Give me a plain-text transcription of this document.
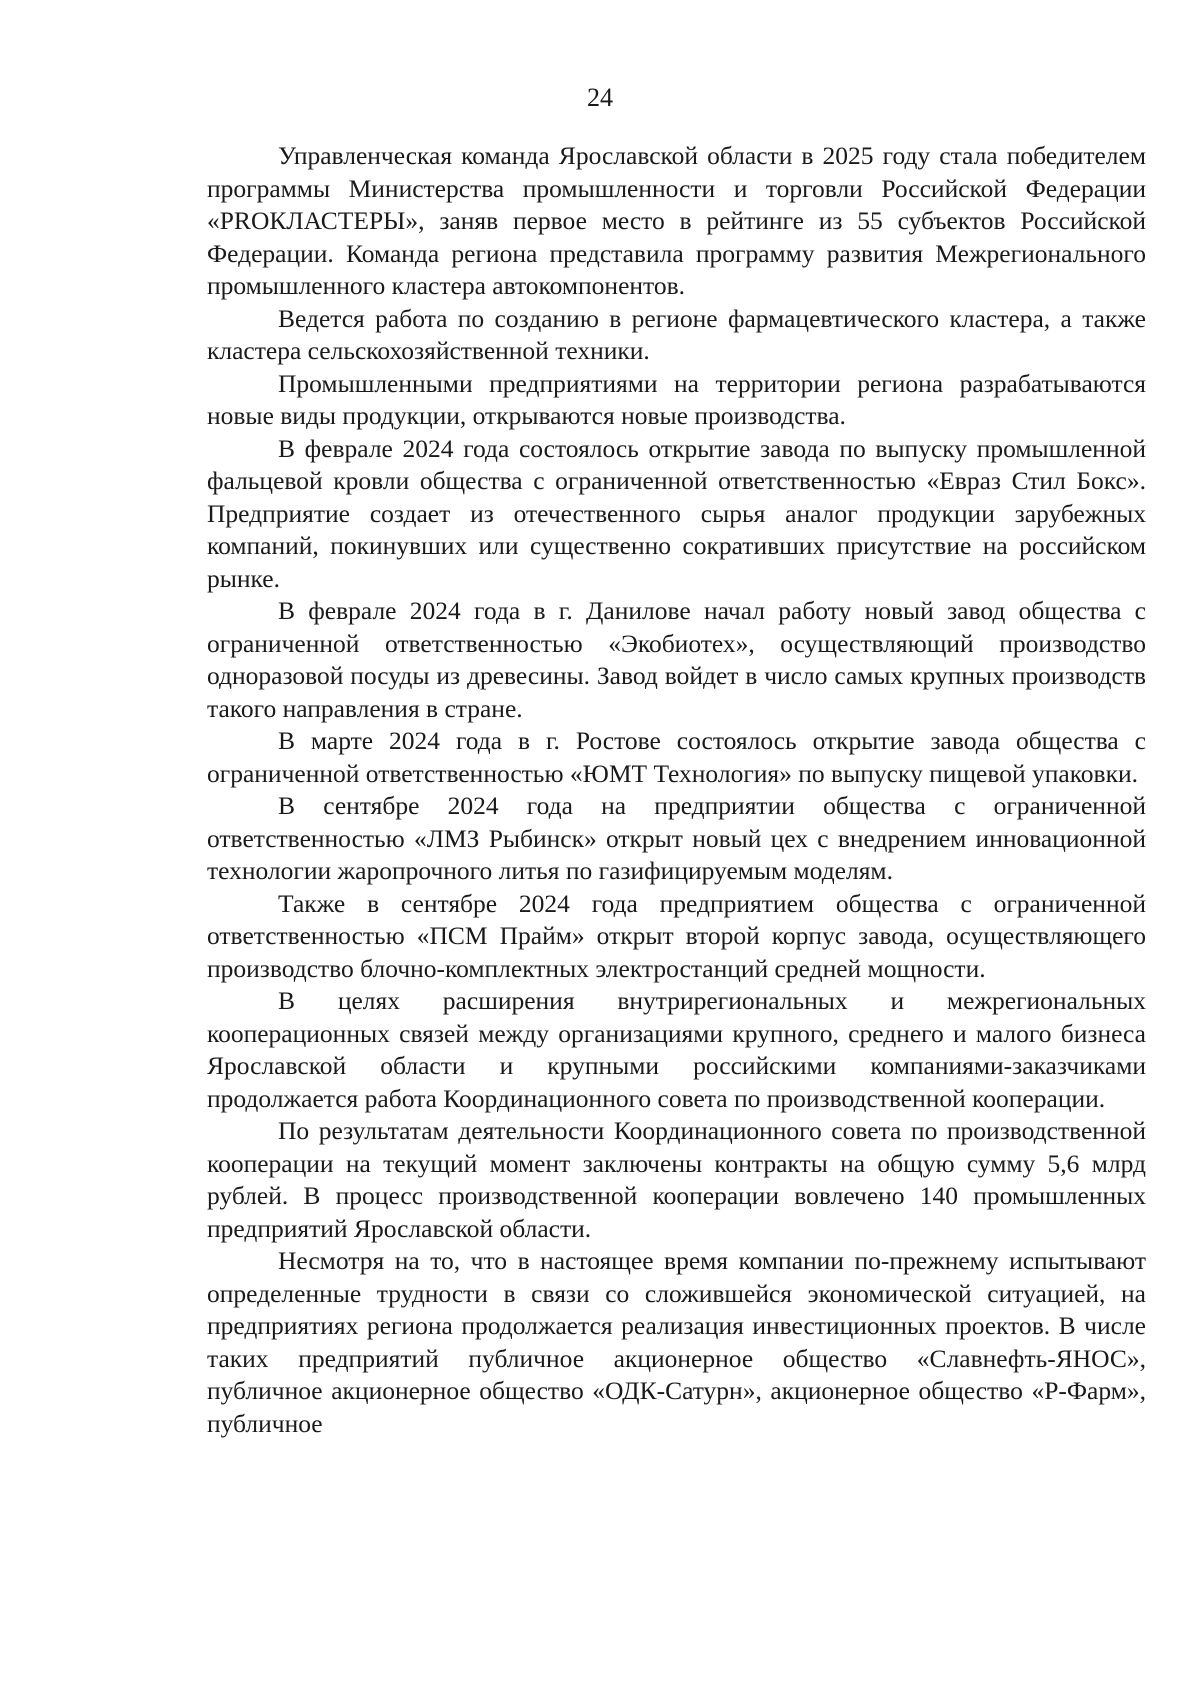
24

Управленческая команда Ярославской области в 2025 году стала победителем программы Министерства промышленности и торговли Российской Федерации «PROКЛАСТЕРЫ», заняв первое место в рейтинге из 55 субъектов Российской Федерации. Команда региона представила программу развития Межрегионального промышленного кластера автокомпонентов.

Ведется работа по созданию в регионе фармацевтического кластера, а также кластера сельскохозяйственной техники.

Промышленными предприятиями на территории региона разрабатываются новые виды продукции, открываются новые производства.

В феврале 2024 года состоялось открытие завода по выпуску промышленной фальцевой кровли общества с ограниченной ответственностью «Евраз Стил Бокс». Предприятие создает из отечественного сырья аналог продукции зарубежных компаний, покинувших или существенно сокративших присутствие на российском рынке.

В феврале 2024 года в г. Данилове начал работу новый завод общества с ограниченной ответственностью «Экобиотех», осуществляющий производство одноразовой посуды из древесины. Завод войдет в число самых крупных производств такого направления в стране.

В марте 2024 года в г. Ростове состоялось открытие завода общества с ограниченной ответственностью «ЮМТ Технология» по выпуску пищевой упаковки.

В сентябре 2024 года на предприятии общества с ограниченной ответственностью «ЛМЗ Рыбинск» открыт новый цех с внедрением инновационной технологии жаропрочного литья по газифицируемым моделям.

Также в сентябре 2024 года предприятием общества с ограниченной ответственностью «ПСМ Прайм» открыт второй корпус завода, осуществляющего производство блочно-комплектных электростанций средней мощности.

В целях расширения внутрирегиональных и межрегиональных кооперационных связей между организациями крупного, среднего и малого бизнеса Ярославской области и крупными российскими компаниями-заказчиками продолжается работа Координационного совета по производственной кооперации.

По результатам деятельности Координационного совета по производственной кооперации на текущий момент заключены контракты на общую сумму 5,6 млрд рублей. В процесс производственной кооперации вовлечено 140 промышленных предприятий Ярославской области.

Несмотря на то, что в настоящее время компании по-прежнему испытывают определенные трудности в связи со сложившейся экономической ситуацией, на предприятиях региона продолжается реализация инвестиционных проектов. В числе таких предприятий публичное акционерное общество «Славнефть-ЯНОС», публичное акционерное общество «ОДК-Сатурн», акционерное общество «Р-Фарм», публичное
